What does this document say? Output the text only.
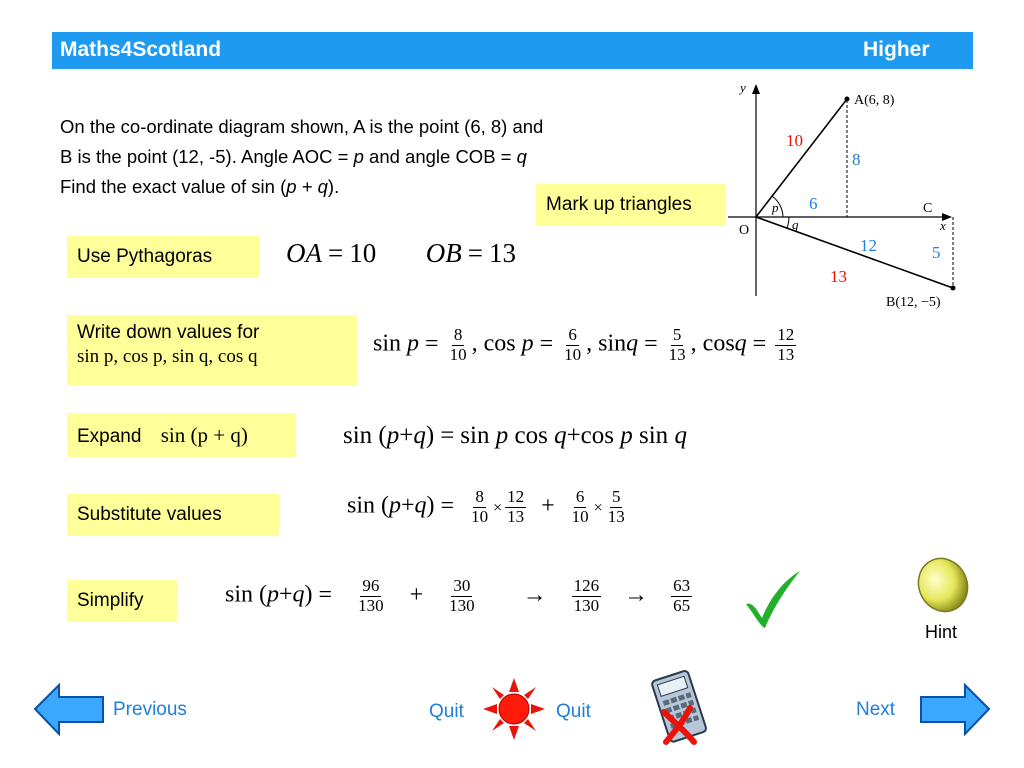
Maths4Scotland	Higher
On the co-ordinate diagram shown, A is the point (6, 8) and
B is the point (12, -5). Angle AOC = p and angle COB = q
Find the exact value of sin (p + q).
y
x
O
A(6, 8)
B(12, −5)
C
p
q
10
8
6
12	5
13
Mark up triangles
Use Pythagoras	OA = 10 OB = 13
Write down values for
sin p, cos p, sin q, cos q	$\sin p = \frac{8}{10}$ , $\cos p = \frac{6}{10}$ , $\sin q = \frac{5}{13}$ , $\cos q = \frac{12}{13}$
Expand sin (p + q)	sin (p+q) = sin p cos q+cos p sin q
Substitute values	$\sin (p+q) = \frac{8}{10} \times \frac{12}{13} + \frac{6}{10} \times \frac{5}{13}$
Simplify	$\sin (p+q) = \frac{96}{130} + \frac{30}{130} \to \frac{126}{130} \to \frac{63}{65}$
Hint
Previous	Quit	Quit	Next
